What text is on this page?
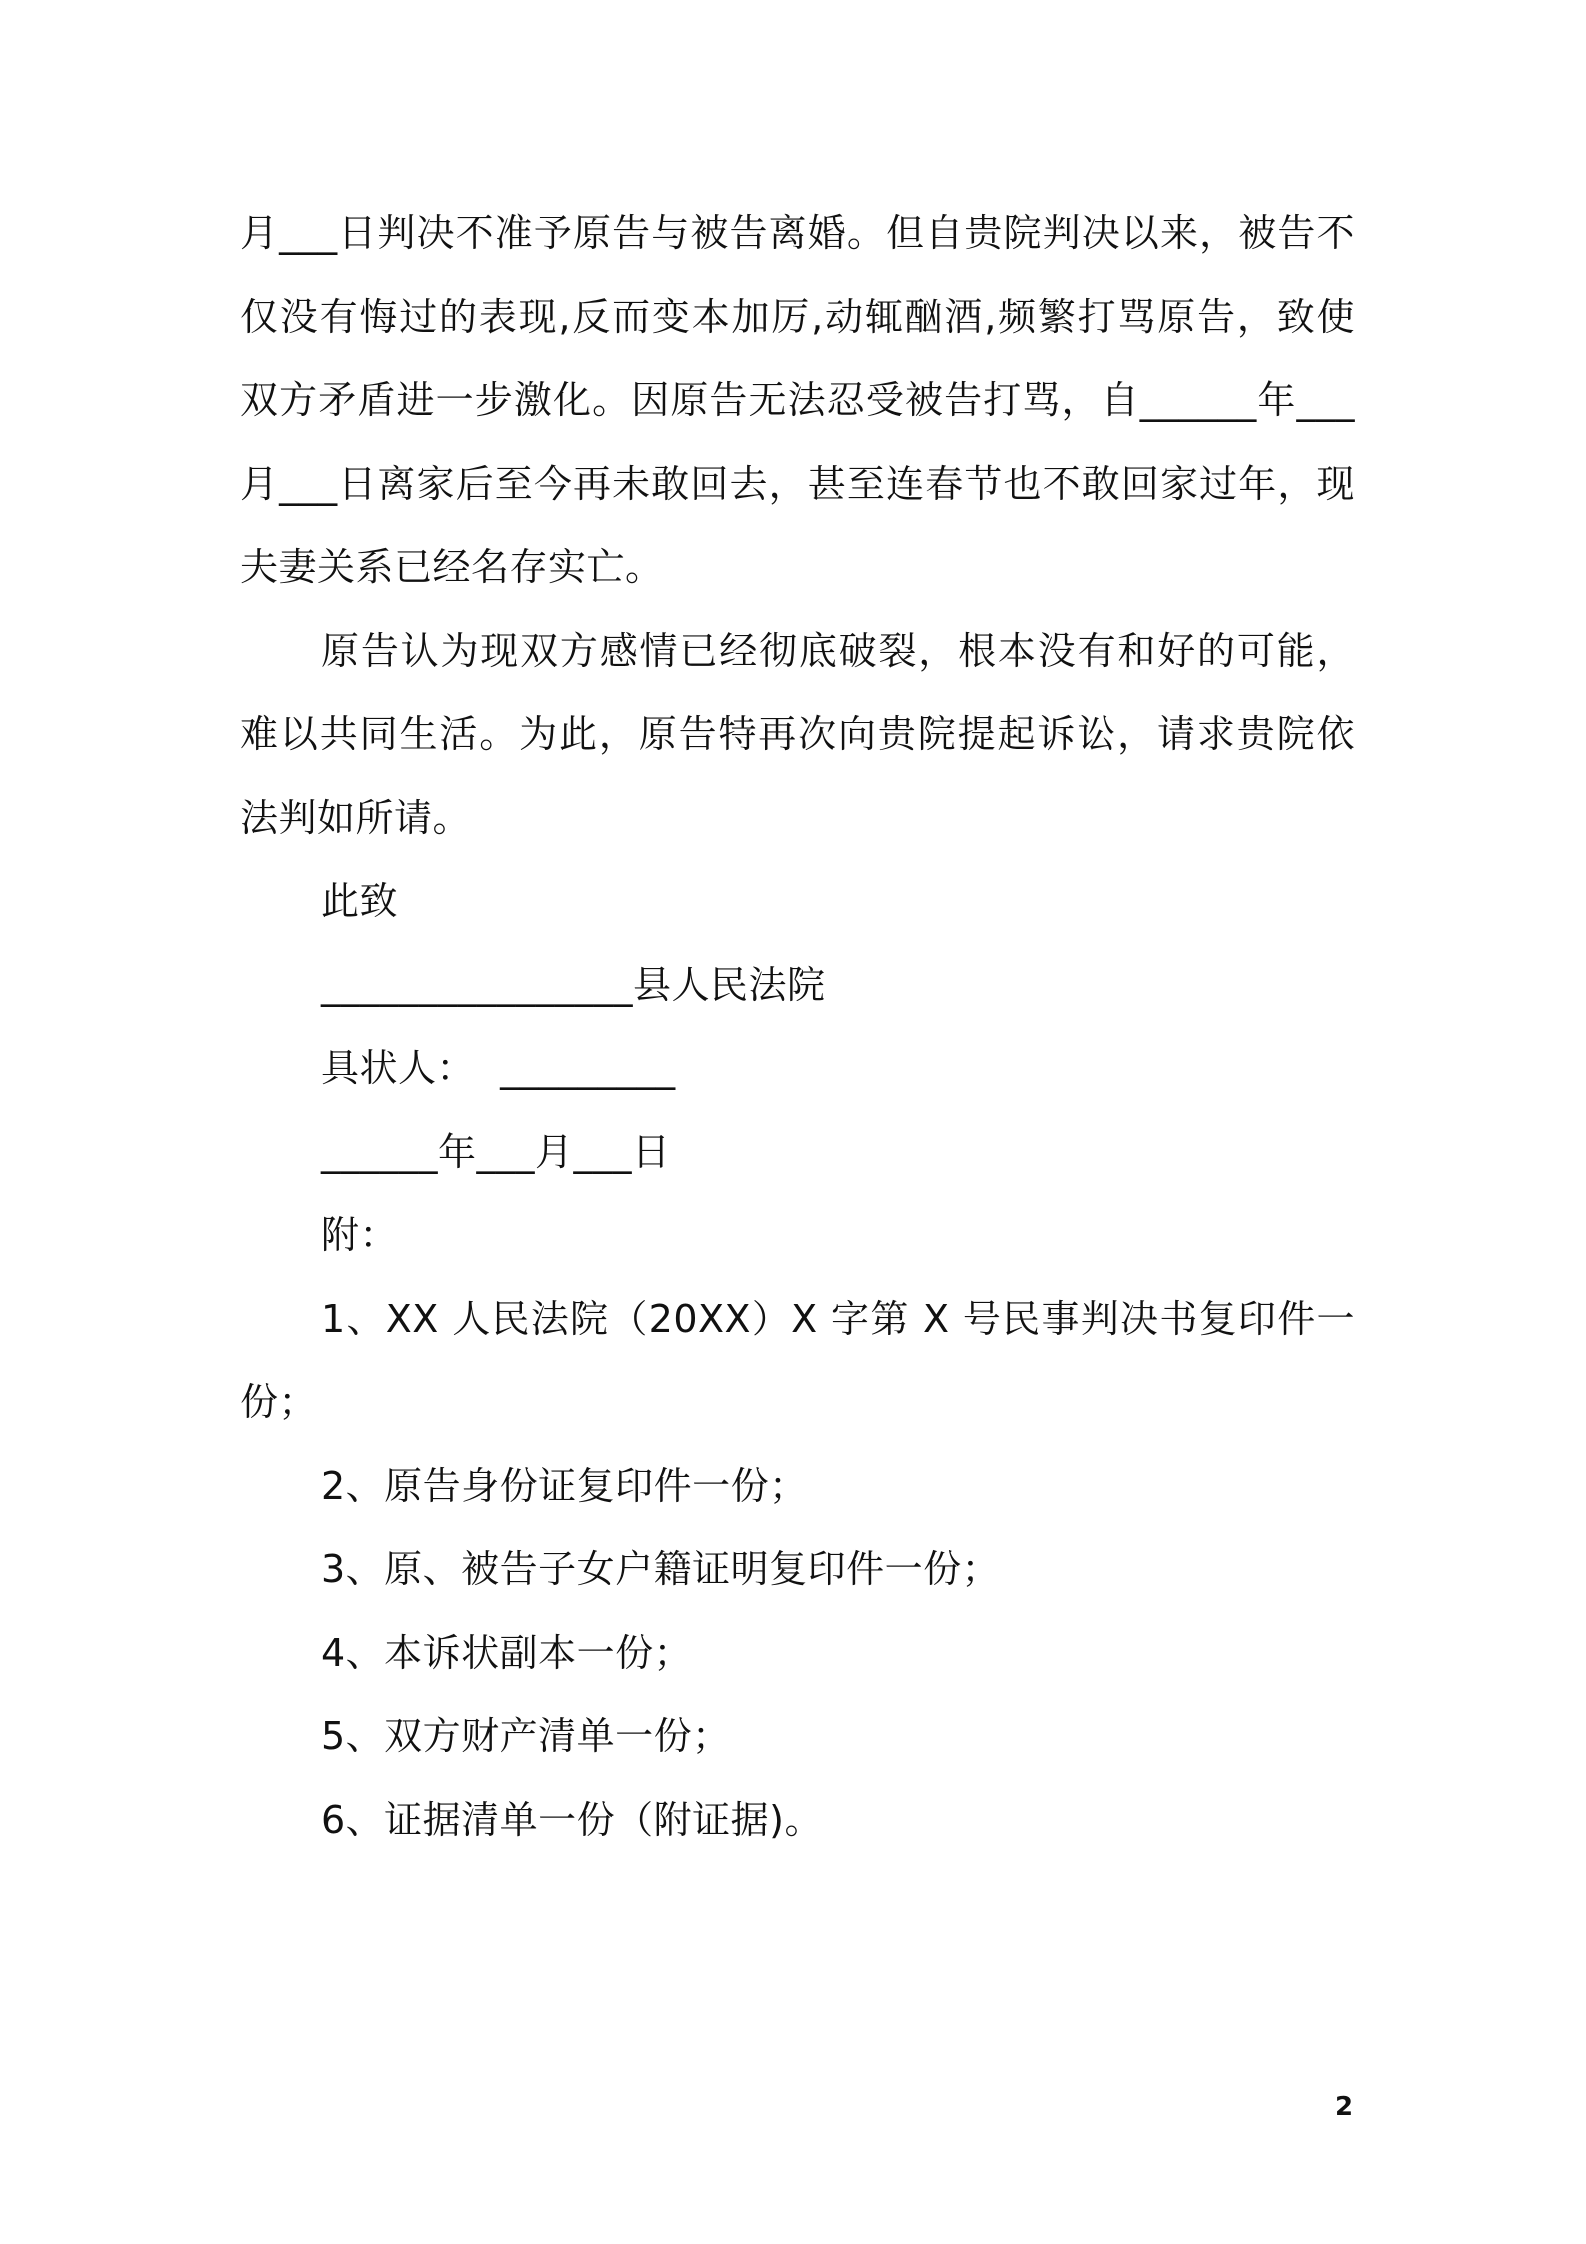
月___日判决不准予原告与被告离婚。但自贵院判决以来，被告不仅没有悔过的表现,反而变本加厉,动辄酗酒,频繁打骂原告，致使双方矛盾进一步激化。因原告无法忍受被告打骂，自______年___月___日离家后至今再未敢回去，甚至连春节也不敢回家过年，现夫妻关系已经名存实亡。

原告认为现双方感情已经彻底破裂，根本没有和好的可能，难以共同生活。为此，原告特再次向贵院提起诉讼，请求贵院依法判如所请。

此致

________________县人民法院

具状人：  _________

______年___月___日

附：

1、XX 人民法院（20XX）X 字第 X 号民事判决书复印件一份；

2、原告身份证复印件一份；

3、原、被告子女户籍证明复印件一份；

4、本诉状副本一份；

5、双方财产清单一份；

6、证据清单一份（附证据)。

2
